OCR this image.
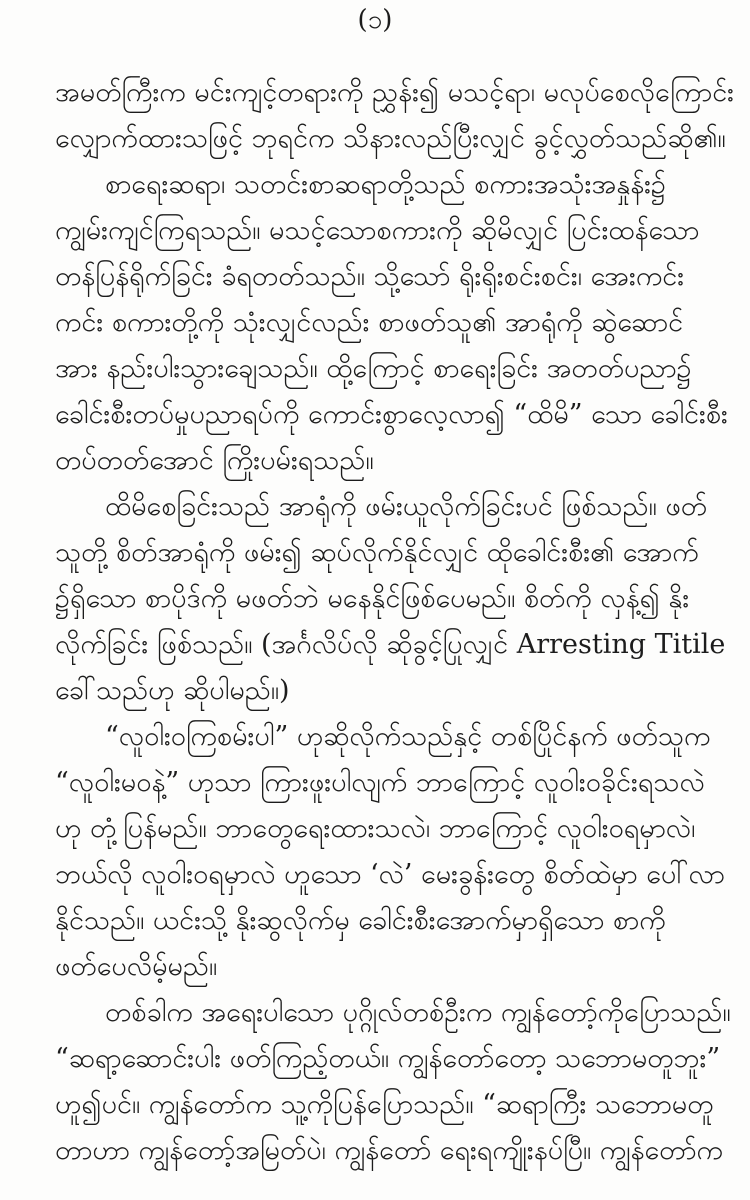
(၁)
အမတ်ကြီးက မင်းကျင့်တရားကို ညွှန်း၍ မသင့်ရာ၊ မလုပ်စေလိုကြောင်း
လျှောက်ထားသဖြင့် ဘုရင်က သိနားလည်ပြီးလျှင် ခွင့်လွှတ်သည်ဆို၏။
စာရေးဆရာ၊ သတင်းစာဆရာတို့သည် စကားအသုံးအနှုန်း၌
ကျွမ်းကျင်ကြရသည်။ မသင့်သောစကားကို ဆိုမိလျှင် ပြင်းထန်သော
တန်ပြန်ရိုက်ခြင်း ခံရတတ်သည်။ သို့သော် ရိုးရိုးစင်းစင်း၊ အေးကင်း
ကင်း စကားတို့ကို သုံးလျှင်လည်း စာဖတ်သူ၏ အာရုံကို ဆွဲဆောင်
အား နည်းပါးသွားချေသည်။ ထို့ကြောင့် စာရေးခြင်း အတတ်ပညာ၌
ခေါင်းစီးတပ်မှုပညာရပ်ကို ကောင်းစွာလေ့လာ၍ “ထိမိ” သော ခေါင်းစီး
တပ်တတ်အောင် ကြိုးပမ်းရသည်။
ထိမိစေခြင်းသည် အာရုံကို ဖမ်းယူလိုက်ခြင်းပင် ဖြစ်သည်။ ဖတ်
သူတို့ စိတ်အာရုံကို ဖမ်း၍ ဆုပ်လိုက်နိုင်လျှင် ထိုခေါင်းစီး၏ အောက်
၌ရှိသော စာပိုဒ်ကို မဖတ်ဘဲ မနေနိုင်ဖြစ်ပေမည်။ စိတ်ကို လှန့်၍ နိုး
လိုက်ခြင်း ဖြစ်သည်။ (အင်္ဂလိပ်လို ဆိုခွင့်ပြုလျှင် Arresting Titile
ခေါ်သည်ဟု ဆိုပါမည်။)
“လူဝါးဝကြစမ်းပါ” ဟုဆိုလိုက်သည်နှင့် တစ်ပြိုင်နက် ဖတ်သူက
“လူဝါးမဝနဲ့” ဟုသာ ကြားဖူးပါလျက် ဘာကြောင့် လူဝါးဝခိုင်းရသလဲ
ဟု တုံ့ပြန်မည်။ ဘာတွေရေးထားသလဲ၊ ဘာကြောင့် လူဝါးဝရမှာလဲ၊
ဘယ်လို လူဝါးဝရမှာလဲ ဟူသော ‘လဲ’ မေးခွန်းတွေ စိတ်ထဲမှာ ပေါ်လာ
နိုင်သည်။ ယင်းသို့ နိုးဆွလိုက်မှ ခေါင်းစီးအောက်မှာရှိသော စာကို
ဖတ်ပေလိမ့်မည်။
တစ်ခါက အရေးပါသော ပုဂ္ဂိုလ်တစ်ဦးက ကျွန်တော့်ကိုပြောသည်။
“ဆရာ့ဆောင်းပါး ဖတ်ကြည့်တယ်။ ကျွန်တော်တော့ သဘောမတူဘူး”
ဟူ၍ပင်။ ကျွန်တော်က သူ့ကိုပြန်ပြောသည်။ “ဆရာကြီး သဘောမတူ
တာဟာ ကျွန်တော့်အမြတ်ပဲ၊ ကျွန်တော် ရေးရကျိုးနပ်ပြီ။ ကျွန်တော်က
